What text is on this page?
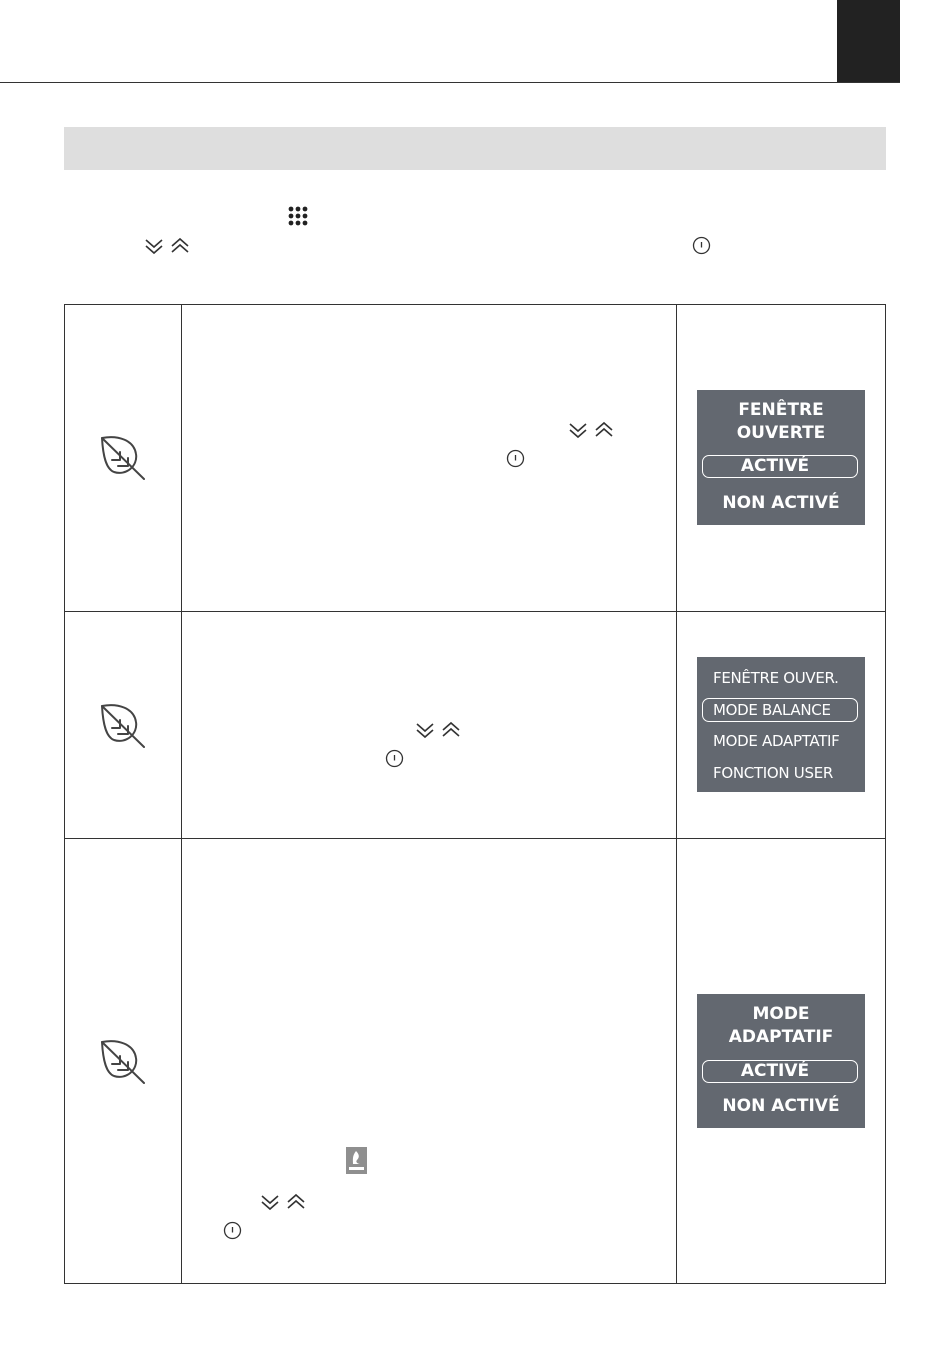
FENÊTRE
OUVERTE
ACTIVÉ
NON ACTIVÉ
FENÊTRE OUVER.
MODE BALANCE
MODE ADAPTATIF
FONCTION USER
MODE
ADAPTATIF
ACTIVÉ
NON ACTIVÉ
